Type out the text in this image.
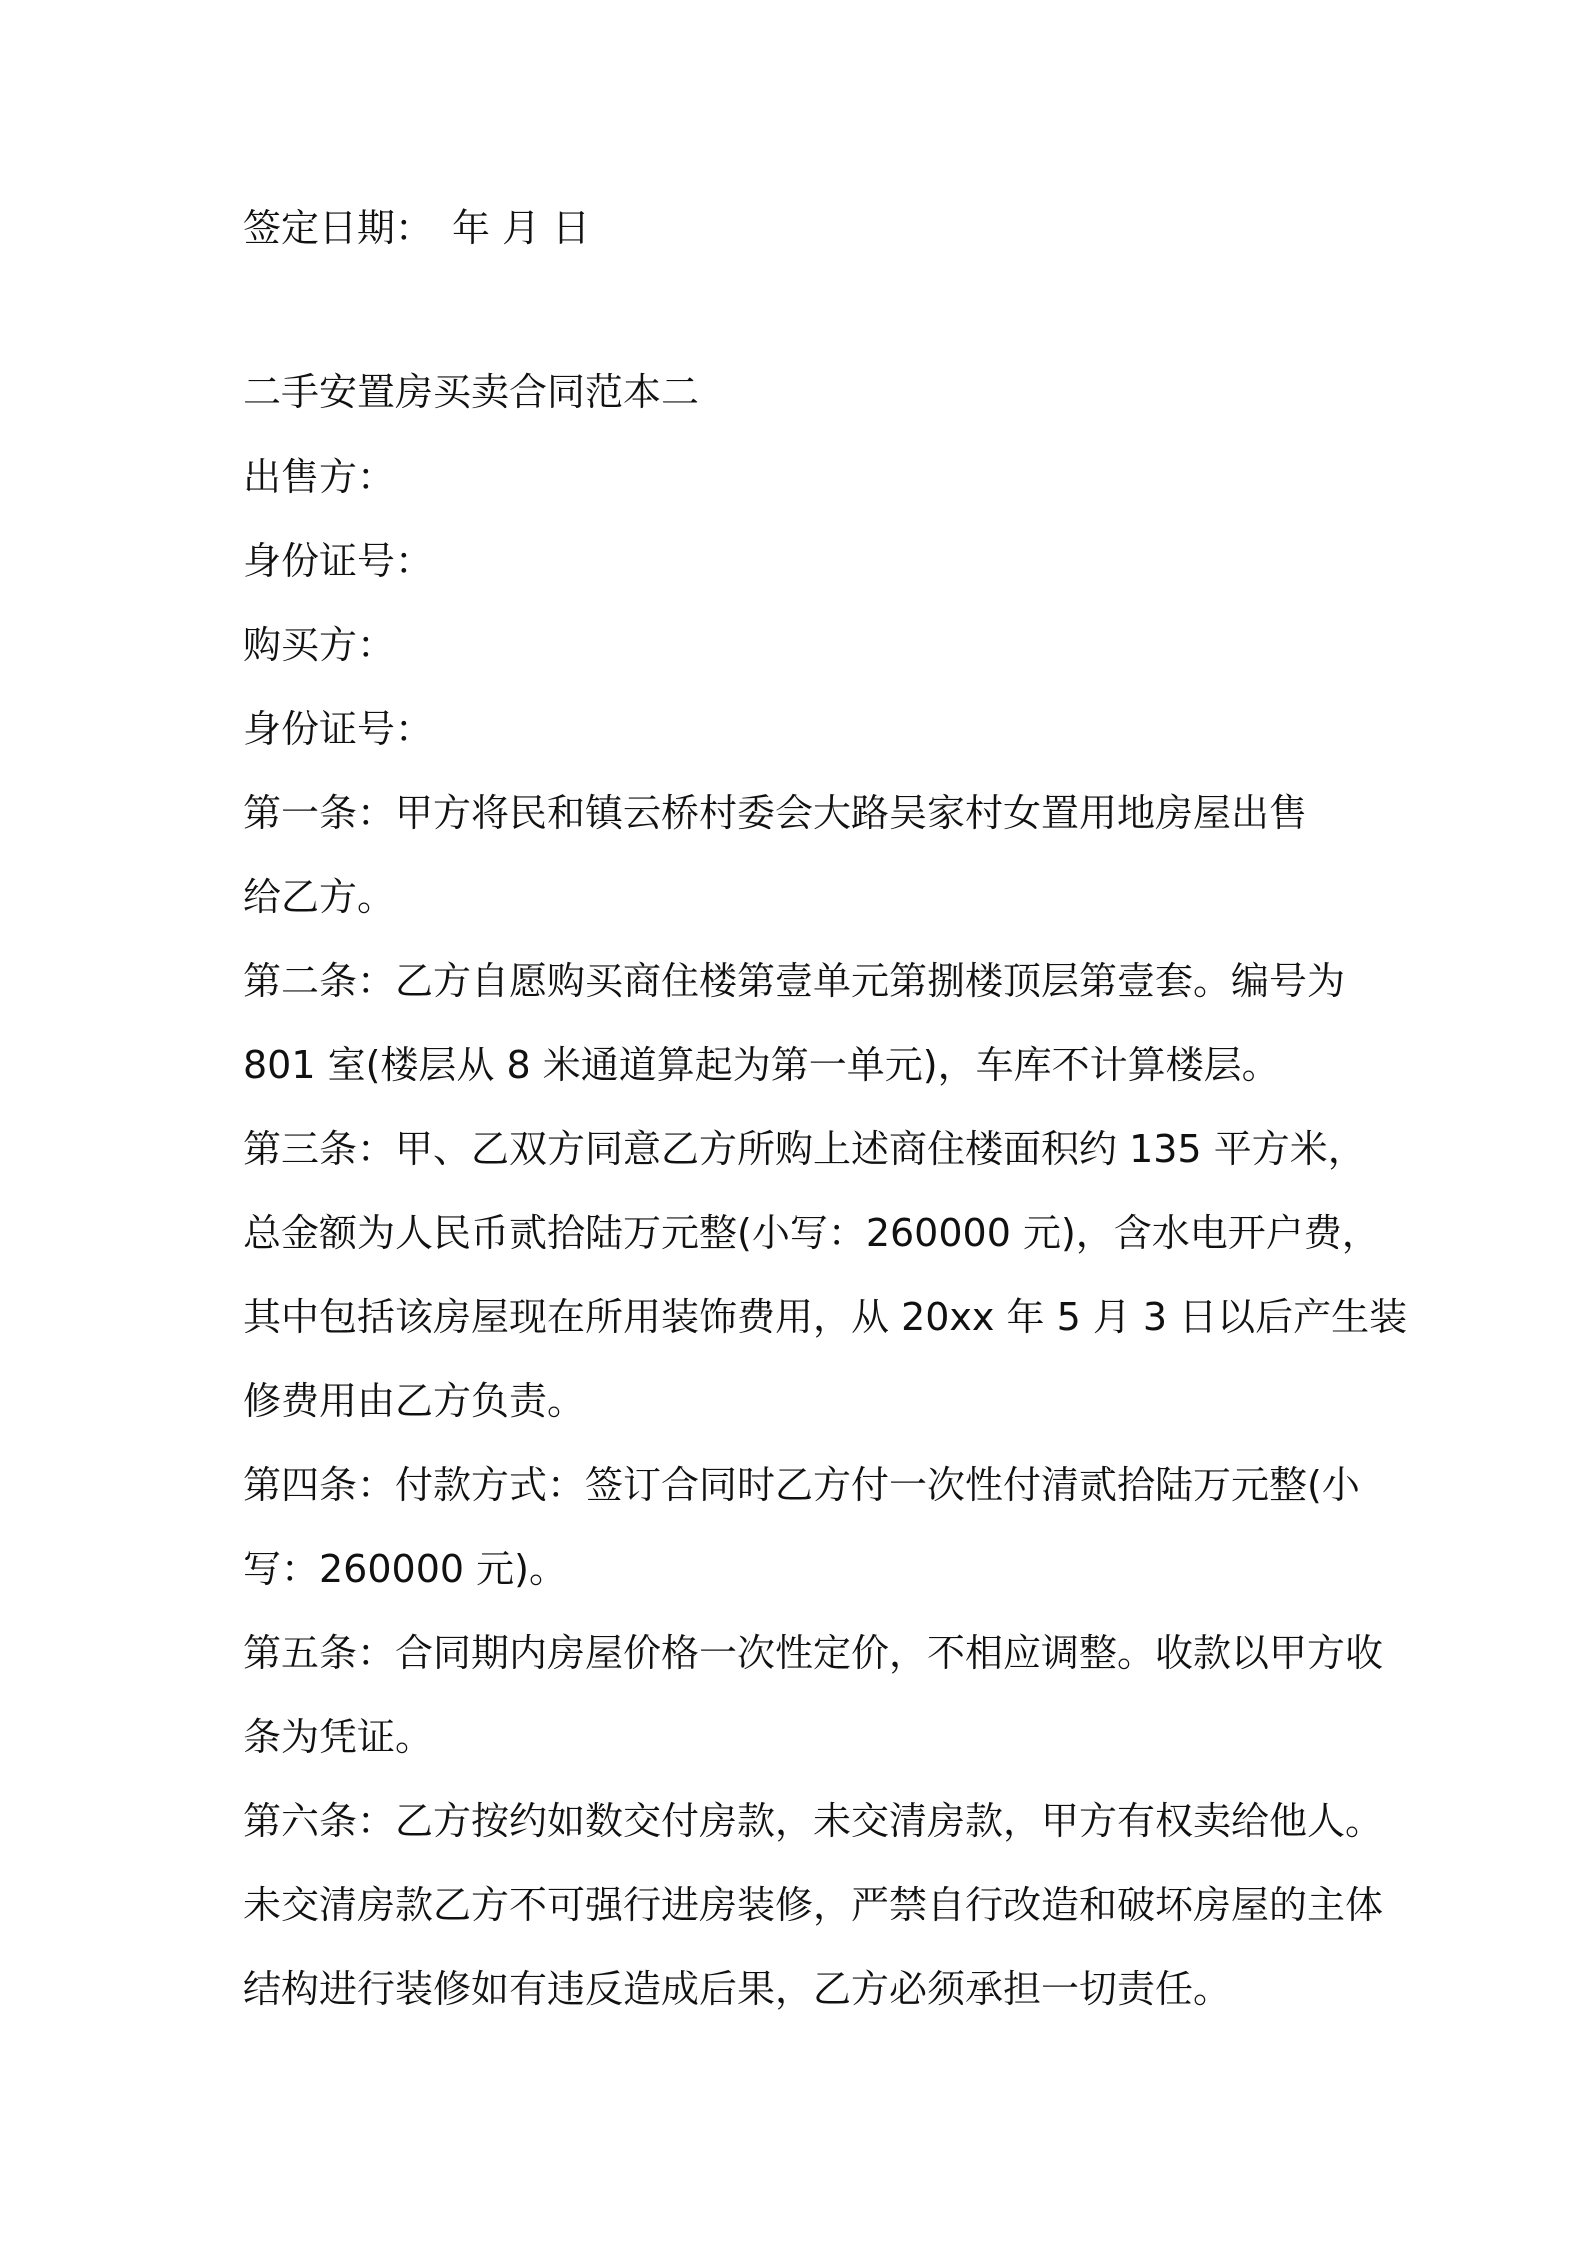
签定日期：　年 月 日
二手安置房买卖合同范本二
出售方：
身份证号：
购买方：
身份证号：
第一条：甲方将民和镇云桥村委会大路吴家村女置用地房屋出售
给乙方。
第二条：乙方自愿购买商住楼第壹单元第捌楼顶层第壹套。编号为
801 室(楼层从 8 米通道算起为第一单元)，车库不计算楼层。
第三条：甲、乙双方同意乙方所购上述商住楼面积约 135 平方米，
总金额为人民币贰拾陆万元整(小写：260000 元)，含水电开户费，
其中包括该房屋现在所用装饰费用，从 20xx 年 5 月 3 日以后产生装
修费用由乙方负责。
第四条：付款方式：签订合同时乙方付一次性付清贰拾陆万元整(小
写：260000 元)。
第五条：合同期内房屋价格一次性定价，不相应调整。收款以甲方收
条为凭证。
第六条：乙方按约如数交付房款，未交清房款，甲方有权卖给他人。
未交清房款乙方不可强行进房装修，严禁自行改造和破坏房屋的主体
结构进行装修如有违反造成后果，乙方必须承担一切责任。
